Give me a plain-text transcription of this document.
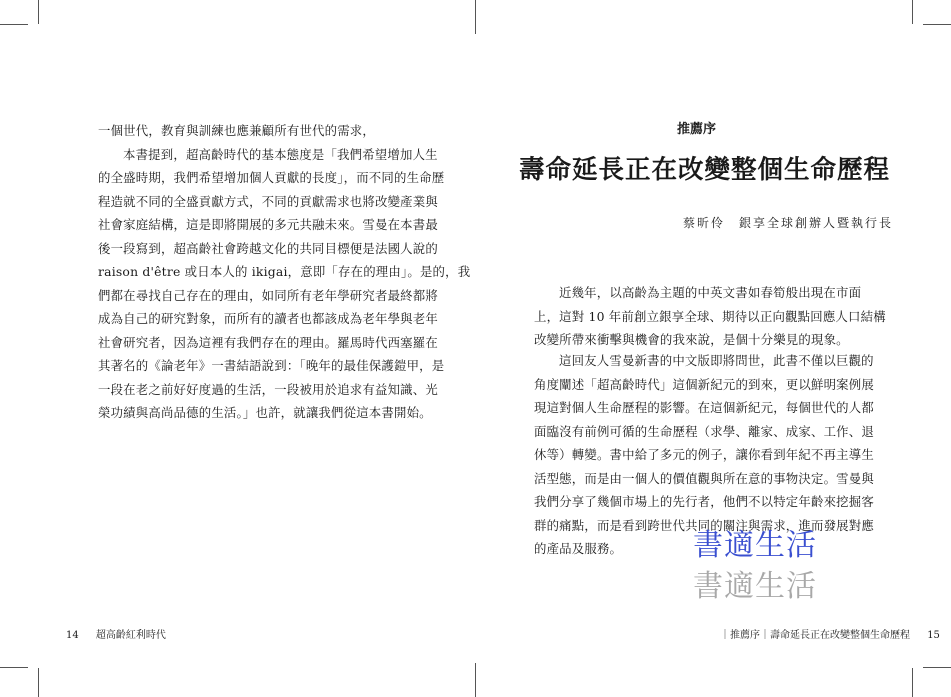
一個世代，教育與訓練也應兼顧所有世代的需求，
本書提到，超高齡時代的基本態度是「我們希望增加人生
的全盛時期，我們希望增加個人貢獻的長度」，而不同的生命歷
程造就不同的全盛貢獻方式，不同的貢獻需求也將改變產業與
社會家庭結構，這是即將開展的多元共融未來。雪曼在本書最
後一段寫到，超高齡社會跨越文化的共同目標便是法國人說的
raison d'être 或日本人的 ikigai，意即「存在的理由」。是的，我
們都在尋找自己存在的理由，如同所有老年學研究者最終都將
成為自己的研究對象，而所有的讀者也都該成為老年學與老年
社會研究者，因為這裡有我們存在的理由。羅馬時代西塞羅在
其著名的《論老年》一書結語說到：「晚年的最佳保護鎧甲，是
一段在老之前好好度過的生活，一段被用於追求有益知識、光
榮功績與高尚品德的生活。」也許，就讓我們從這本書開始。
14 超高齡紅利時代
推薦序
壽命延長正在改變整個生命歷程
蔡昕伶　銀享全球創辦人暨執行長
近幾年，以高齡為主題的中英文書如春筍般出現在市面
上，這對 10 年前創立銀享全球、期待以正向觀點回應人口結構
改變所帶來衝擊與機會的我來說，是個十分樂見的現象。
這回友人雪曼新書的中文版即將問世，此書不僅以巨觀的
角度闡述「超高齡時代」這個新紀元的到來，更以鮮明案例展
現這對個人生命歷程的影響。在這個新紀元，每個世代的人都
面臨沒有前例可循的生命歷程（求學、離家、成家、工作、退
休等）轉變。書中給了多元的例子，讓你看到年紀不再主導生
活型態，而是由一個人的價值觀與所在意的事物決定。雪曼與
我們分享了幾個市場上的先行者，他們不以特定年齡來挖掘客
群的痛點，而是看到跨世代共同的關注與需求，進而發展對應
的產品及服務。
｜推薦序｜壽命延長正在改變整個生命歷程 15
書適生活
書適生活
